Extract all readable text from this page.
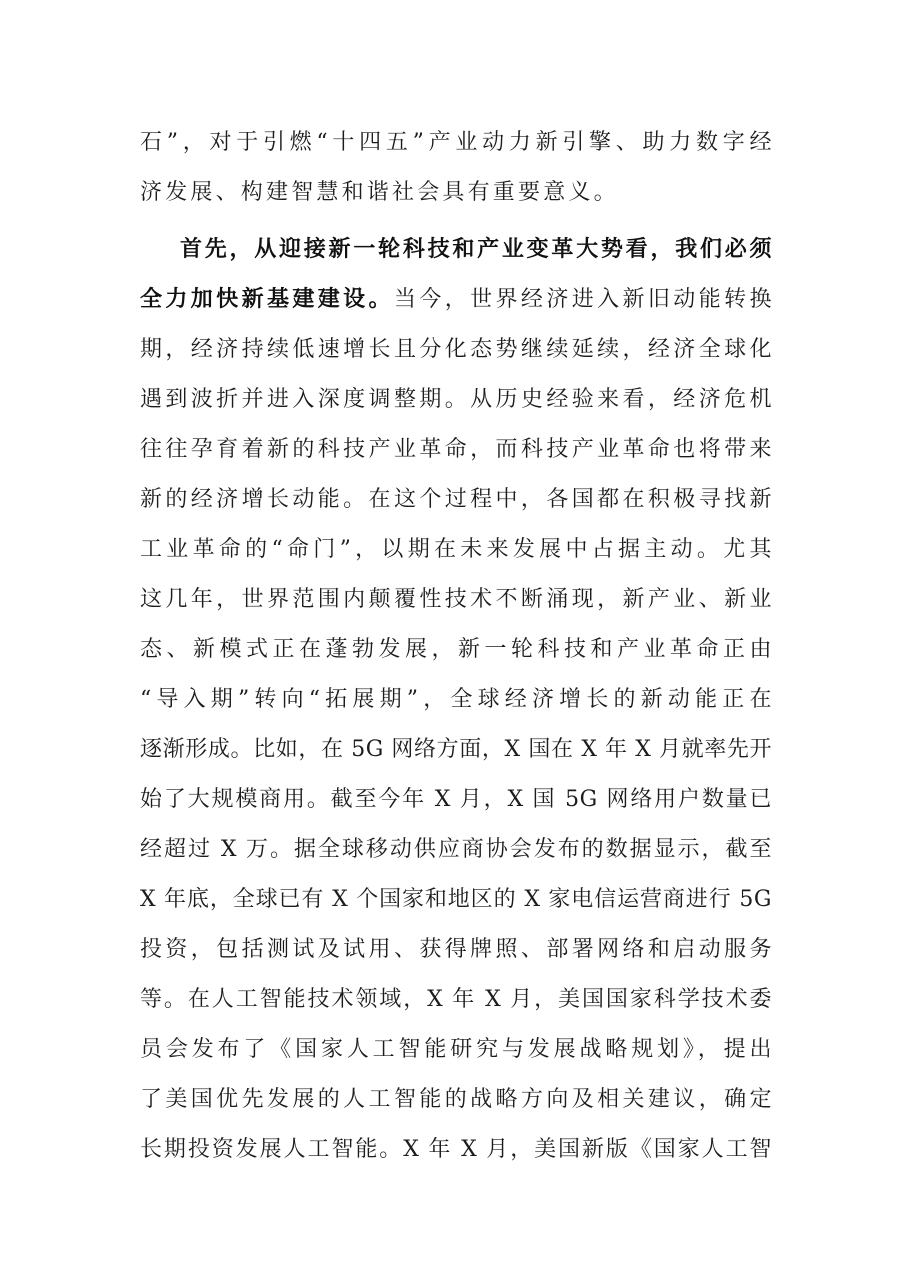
石”，对于引燃“十四五”产业动力新引擎、助力数字经

济发展、构建智慧和谐社会具有重要意义。

首先，从迎接新一轮科技和产业变革大势看，我们必须

全力加快新基建建设。当今，世界经济进入新旧动能转换

期，经济持续低速增长且分化态势继续延续，经济全球化

遇到波折并进入深度调整期。从历史经验来看，经济危机

往往孕育着新的科技产业革命，而科技产业革命也将带来

新的经济增长动能。在这个过程中，各国都在积极寻找新

工业革命的“命门”，以期在未来发展中占据主动。尤其

这几年，世界范围内颠覆性技术不断涌现，新产业、新业

态、新模式正在蓬勃发展，新一轮科技和产业革命正由

“导入期”转向“拓展期”，全球经济增长的新动能正在

逐渐形成。比如，在 5G 网络方面，X 国在 X 年 X 月就率先开

始了大规模商用。截至今年 X 月，X 国 5G 网络用户数量已

经超过 X 万。据全球移动供应商协会发布的数据显示，截至

X 年底，全球已有 X 个国家和地区的 X 家电信运营商进行 5G

投资，包括测试及试用、获得牌照、部署网络和启动服务

等。在人工智能技术领域，X 年 X 月，美国国家科学技术委

员会发布了《国家人工智能研究与发展战略规划》，提出

了美国优先发展的人工智能的战略方向及相关建议，确定

长期投资发展人工智能。X 年 X 月，美国新版《国家人工智
